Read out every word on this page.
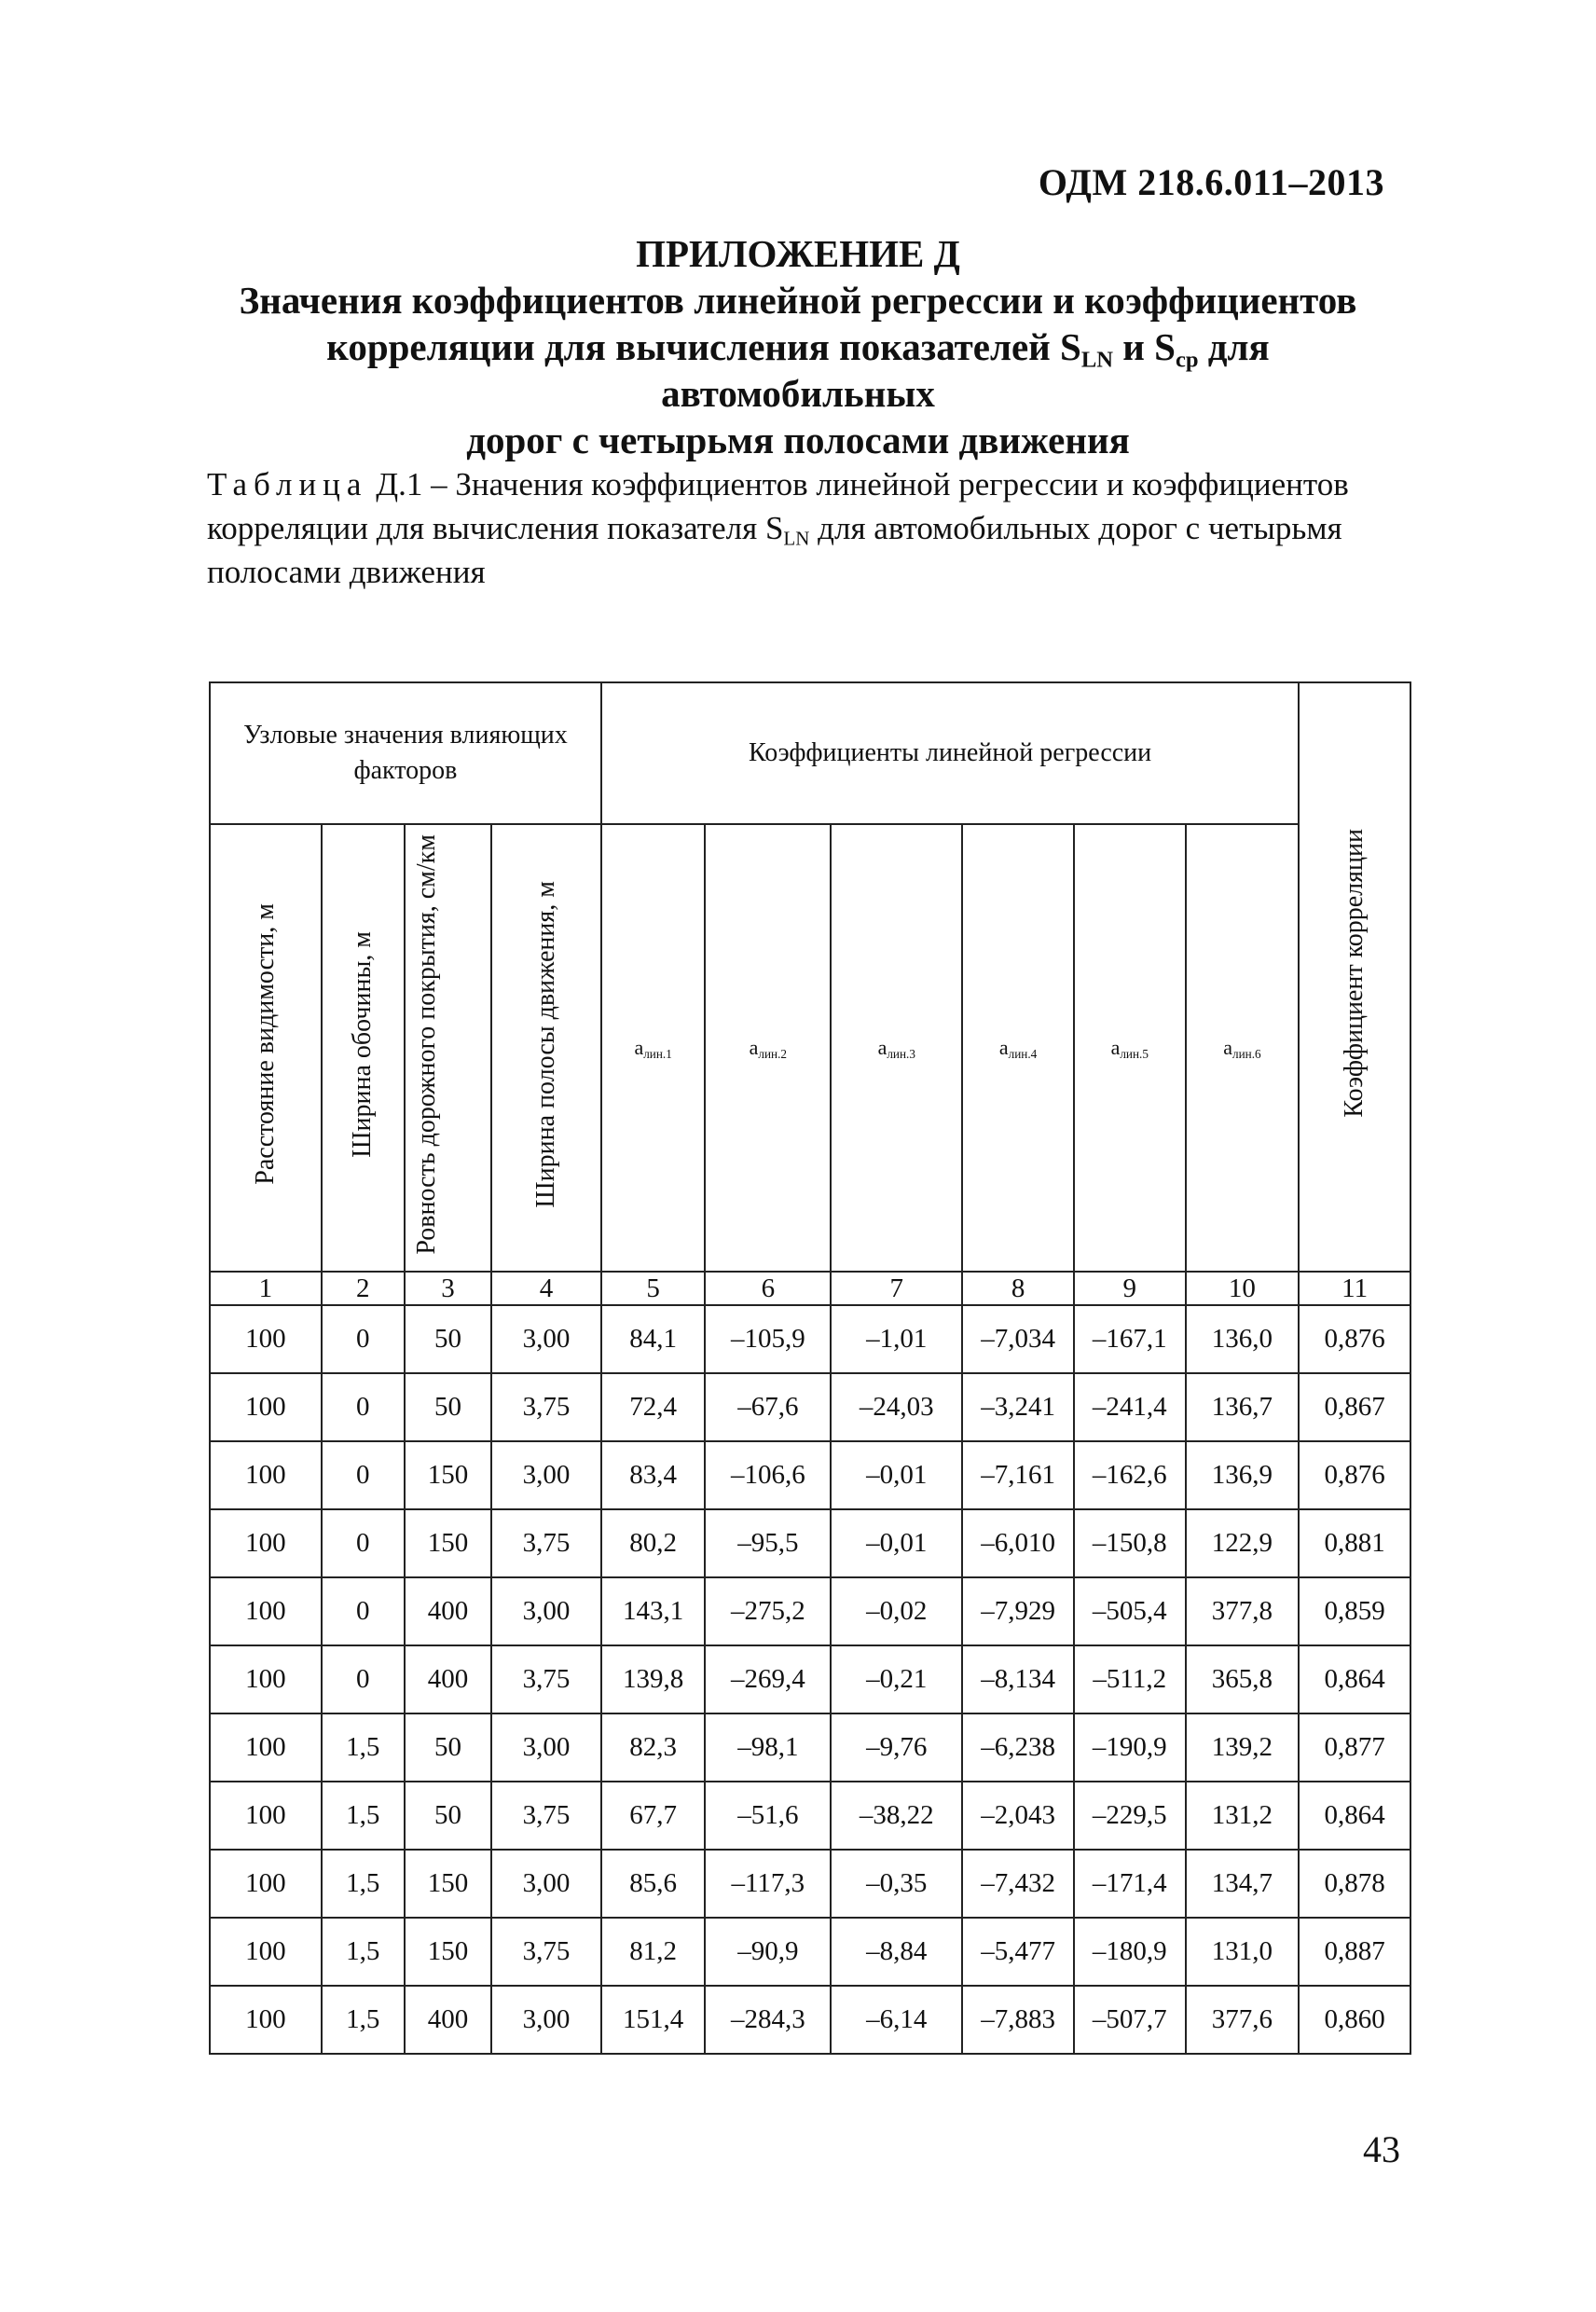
ОДМ 218.6.011–2013
ПРИЛОЖЕНИЕ Д
Значения коэффициентов линейной регрессии и коэффициентов
корреляции для вычисления показателей $S_{LN}$ и $S_{ср}$ для автомобильных
дорог с четырьмя полосами движения
Таблица Д.1 – Значения коэффициентов линейной регрессии и коэффициентов
корреляции для вычисления показателя $S_{LN}$ для автомобильных дорог с четырьмя
полосами движения
Узловые значения влияющих факторов				Коэффициенты линейной регрессии						Коэффициент корреляции
Расстояние видимости, м	Ширина обочины, м	Ровность дорожного покрытия, см/км	Ширина полосы движения, м	$a_{лин.1}$	$a_{лин.2}$	$a_{лин.3}$	$a_{лин.4}$	$a_{лин.5}$	$a_{лин.6}$
1	2	3	4	5	6	7	8	9	10	11
100	0	50	3,00	84,1	–105,9	–1,01	–7,034	–167,1	136,0	0,876
100	0	50	3,75	72,4	–67,6	–24,03	–3,241	–241,4	136,7	0,867
100	0	150	3,00	83,4	–106,6	–0,01	–7,161	–162,6	136,9	0,876
100	0	150	3,75	80,2	–95,5	–0,01	–6,010	–150,8	122,9	0,881
100	0	400	3,00	143,1	–275,2	–0,02	–7,929	–505,4	377,8	0,859
100	0	400	3,75	139,8	–269,4	–0,21	–8,134	–511,2	365,8	0,864
100	1,5	50	3,00	82,3	–98,1	–9,76	–6,238	–190,9	139,2	0,877
100	1,5	50	3,75	67,7	–51,6	–38,22	–2,043	–229,5	131,2	0,864
100	1,5	150	3,00	85,6	–117,3	–0,35	–7,432	–171,4	134,7	0,878
100	1,5	150	3,75	81,2	–90,9	–8,84	–5,477	–180,9	131,0	0,887
100	1,5	400	3,00	151,4	–284,3	–6,14	–7,883	–507,7	377,6	0,860
43
